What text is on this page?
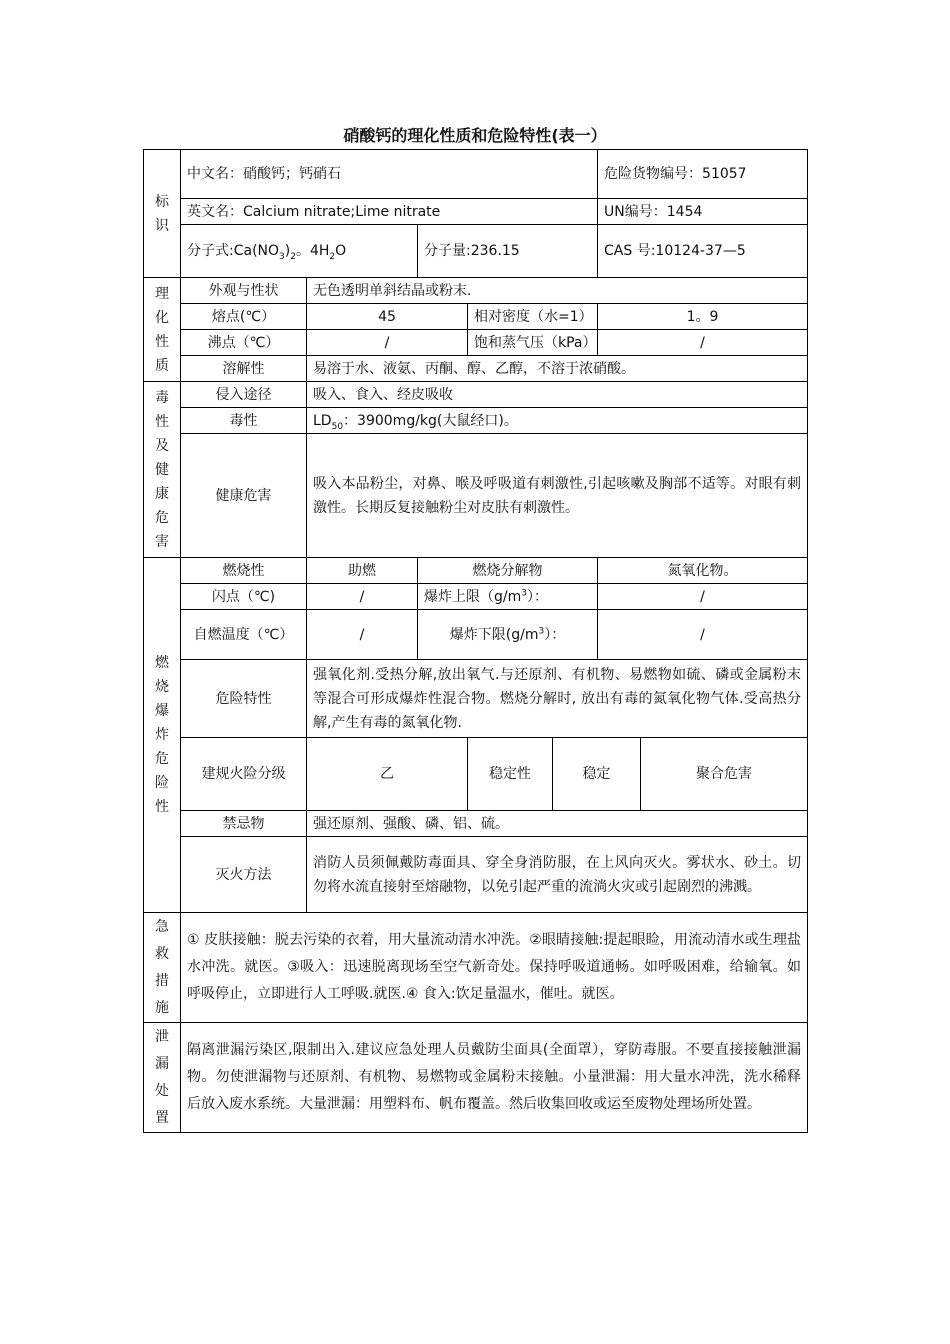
硝酸钙的理化性质和危险特性(表一）
标识	中文名：硝酸钙；钙硝石					危险货物编号：51057		
	英文名：Calcium nitrate;Lime nitrate					UN编号：1454		
	分子式$:Ca(NO_3)_2$。$4H_2O$		分子量:236.15			CAS 号:10124-37—5		

理化性质	外观与性状	无色透明单斜结晶或粉末.						
	熔点(℃）	45		相对密度（水=1）		1。9		
	沸点（℃）	/		饱和蒸气压（kPa）		/		
	溶解性	易溶于水、液氨、丙酮、醇、乙醇，不溶于浓硝酸。						

毒性及健康危害	侵入途径	吸入、食入、经皮吸收						
	毒性	$LD_{50}$：3900mg/kg(大鼠经口)。						
	健康危害	吸入本品粉尘，对鼻、喉及呼吸道有刺激性,引起咳嗽及胸部不适等。对眼有刺激性。长期反复接触粉尘对皮肤有刺激性。						

燃烧爆炸危险性	燃烧性	助燃	燃烧分解物			氮氧化物。		
	闪点（℃)	/	爆炸上限$(g/m^3)$：			/		
	自燃温度（℃）	/	爆炸下限$(g/m^3)$：			/		
	危险特性	强氧化剂.受热分解,放出氧气.与还原剂、有机物、易燃物如硫、磷或金属粉末等混合可形成爆炸性混合物。燃烧分解时, 放出有毒的氮氧化物气体.受高热分解,产生有毒的氮氧化物.						
	建规火险分级	乙		稳定性	稳定		聚合危害	
	禁忌物	强还原剂、强酸、磷、铝、硫。						
	灭火方法	消防人员须佩戴防毒面具、穿全身消防服，在上风向灭火。雾状水、砂土。切勿将水流直接射至熔融物，以免引起严重的流淌火灾或引起剧烈的沸溅。						

急救措施	① 皮肤接触：脱去污染的衣着，用大量流动清水冲洗。②眼睛接触:提起眼睑，用流动清水或生理盐水冲洗。就医。③吸入：迅速脱离现场至空气新奇处。保持呼吸道通畅。如呼吸困难，给输氧。如呼吸停止，立即进行人工呼吸.就医.④ 食入:饮足量温水，催吐。就医。							

泄漏处置	隔离泄漏污染区,限制出入.建议应急处理人员戴防尘面具(全面罩），穿防毒服。不要直接接触泄漏物。勿使泄漏物与还原剂、有机物、易燃物或金属粉末接触。小量泄漏：用大量水冲洗，洗水稀释后放入废水系统。大量泄漏：用塑料布、帆布覆盖。然后收集回收或运至废物处理场所处置。							
